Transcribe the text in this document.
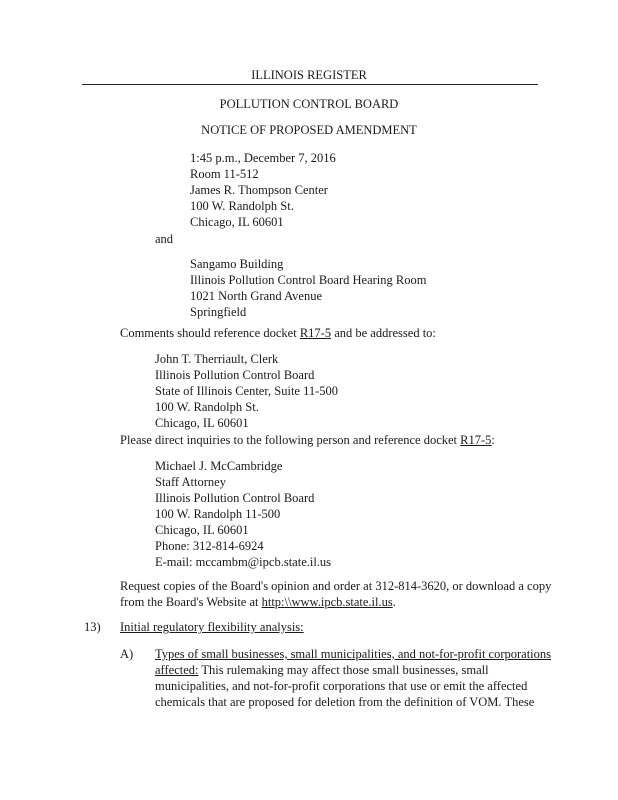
ILLINOIS REGISTER
POLLUTION CONTROL BOARD
NOTICE OF PROPOSED AMENDMENT
1:45 p.m., December 7, 2016
Room 11-512
James R. Thompson Center
100 W. Randolph St.
Chicago, IL 60601
and
Sangamo Building
Illinois Pollution Control Board Hearing Room
1021 North Grand Avenue
Springfield
Comments should reference docket R17-5 and be addressed to:
John T. Therriault, Clerk
Illinois Pollution Control Board
State of Illinois Center, Suite 11-500
100 W. Randolph St.
Chicago, IL 60601
Please direct inquiries to the following person and reference docket R17-5:
Michael J. McCambridge
Staff Attorney
Illinois Pollution Control Board
100 W. Randolph 11-500
Chicago, IL 60601
Phone: 312-814-6924
E-mail: mccambm@ipcb.state.il.us
Request copies of the Board's opinion and order at 312-814-3620, or download a copy
from the Board's Website at http:\\www.ipcb.state.il.us.
13) Initial regulatory flexibility analysis:
A) Types of small businesses, small municipalities, and not-for-profit corporations
affected: This rulemaking may affect those small businesses, small
municipalities, and not-for-profit corporations that use or emit the affected
chemicals that are proposed for deletion from the definition of VOM. These
